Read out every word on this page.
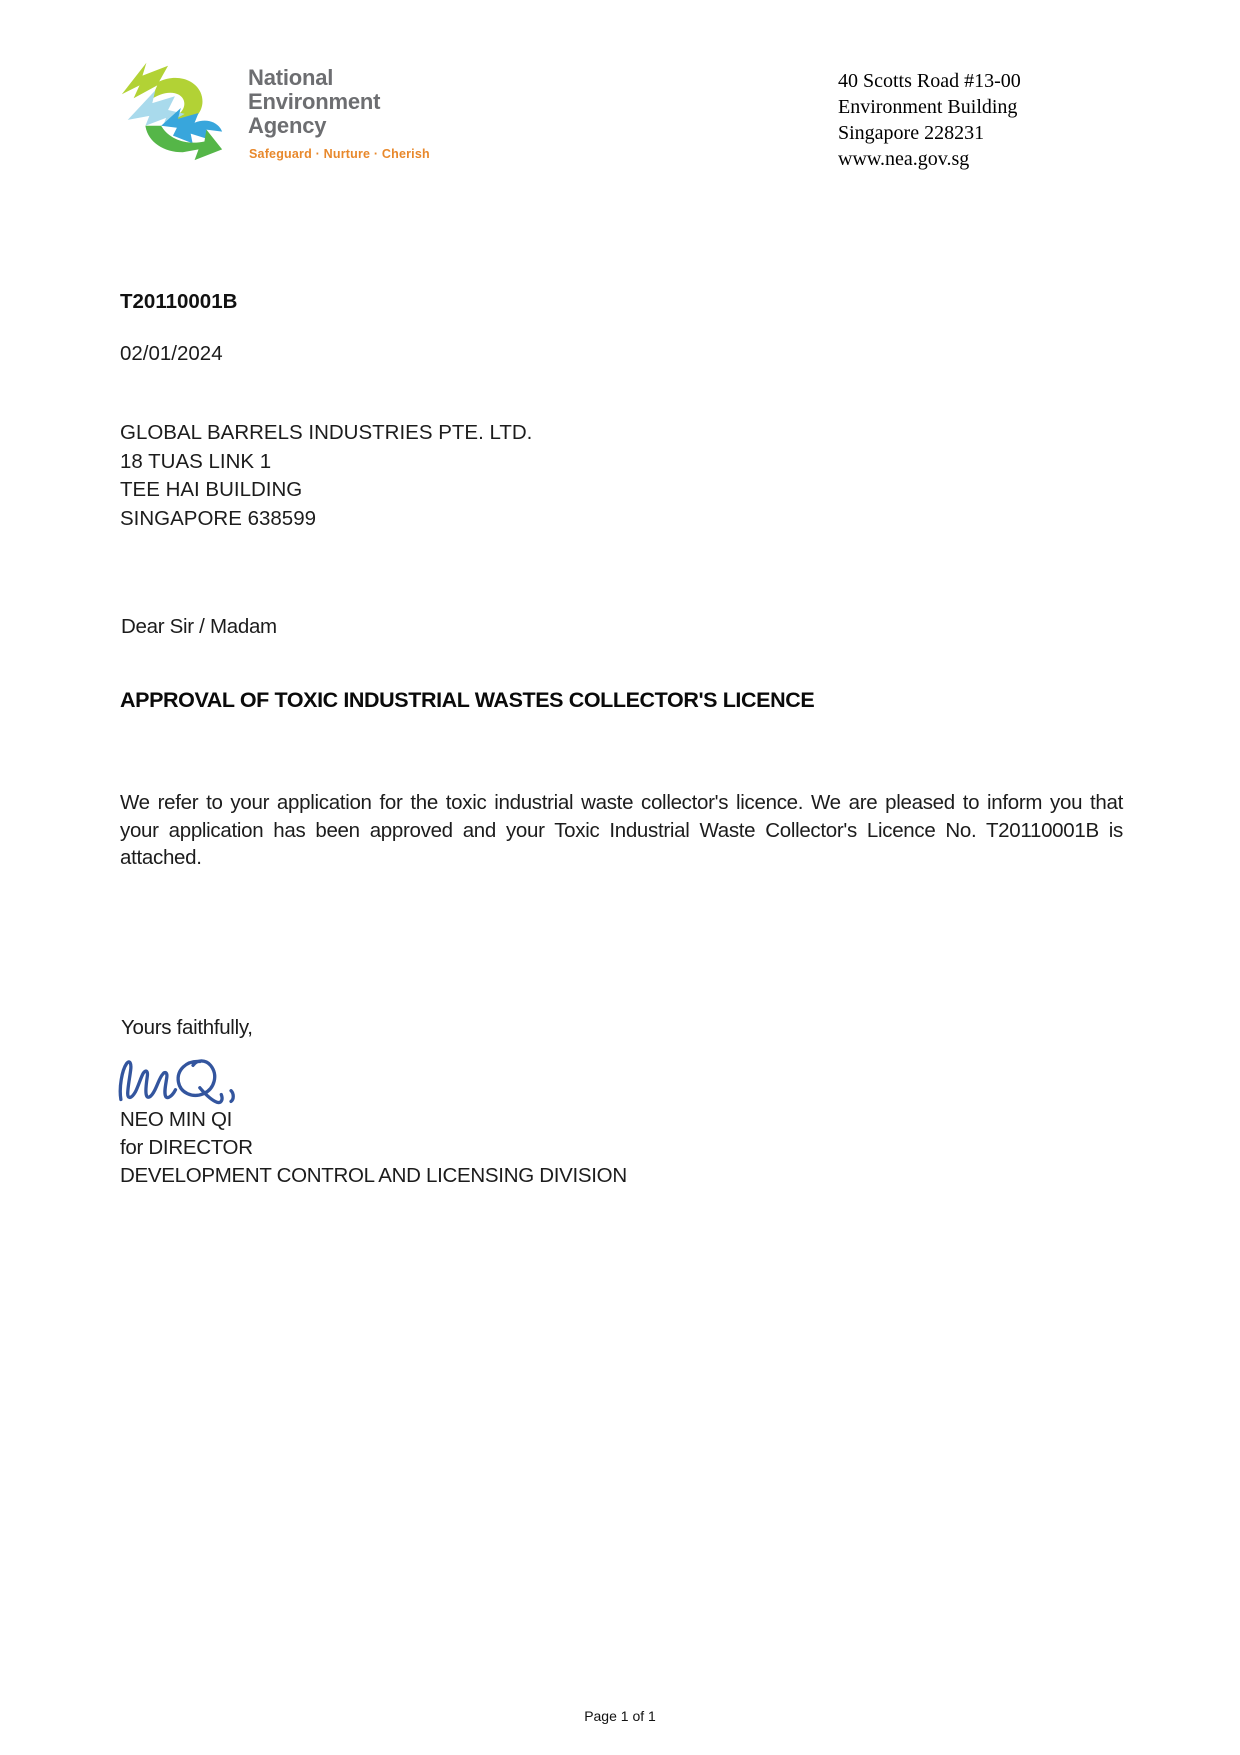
National
Environment
Agency
Safeguard · Nurture · Cherish
40 Scotts Road #13-00
Environment Building
Singapore 228231
www.nea.gov.sg
T20110001B
02/01/2024
GLOBAL BARRELS INDUSTRIES PTE. LTD.
18 TUAS LINK 1
TEE HAI BUILDING
SINGAPORE 638599
Dear Sir / Madam
APPROVAL OF TOXIC INDUSTRIAL WASTES COLLECTOR'S LICENCE
We refer to your application for the toxic industrial waste collector's licence. We are pleased to inform you that your application has been approved and your Toxic Industrial Waste Collector's Licence No. T20110001B is attached.
Yours faithfully,
NEO MIN QI
for DIRECTOR
DEVELOPMENT CONTROL AND LICENSING DIVISION
Page 1 of 1
